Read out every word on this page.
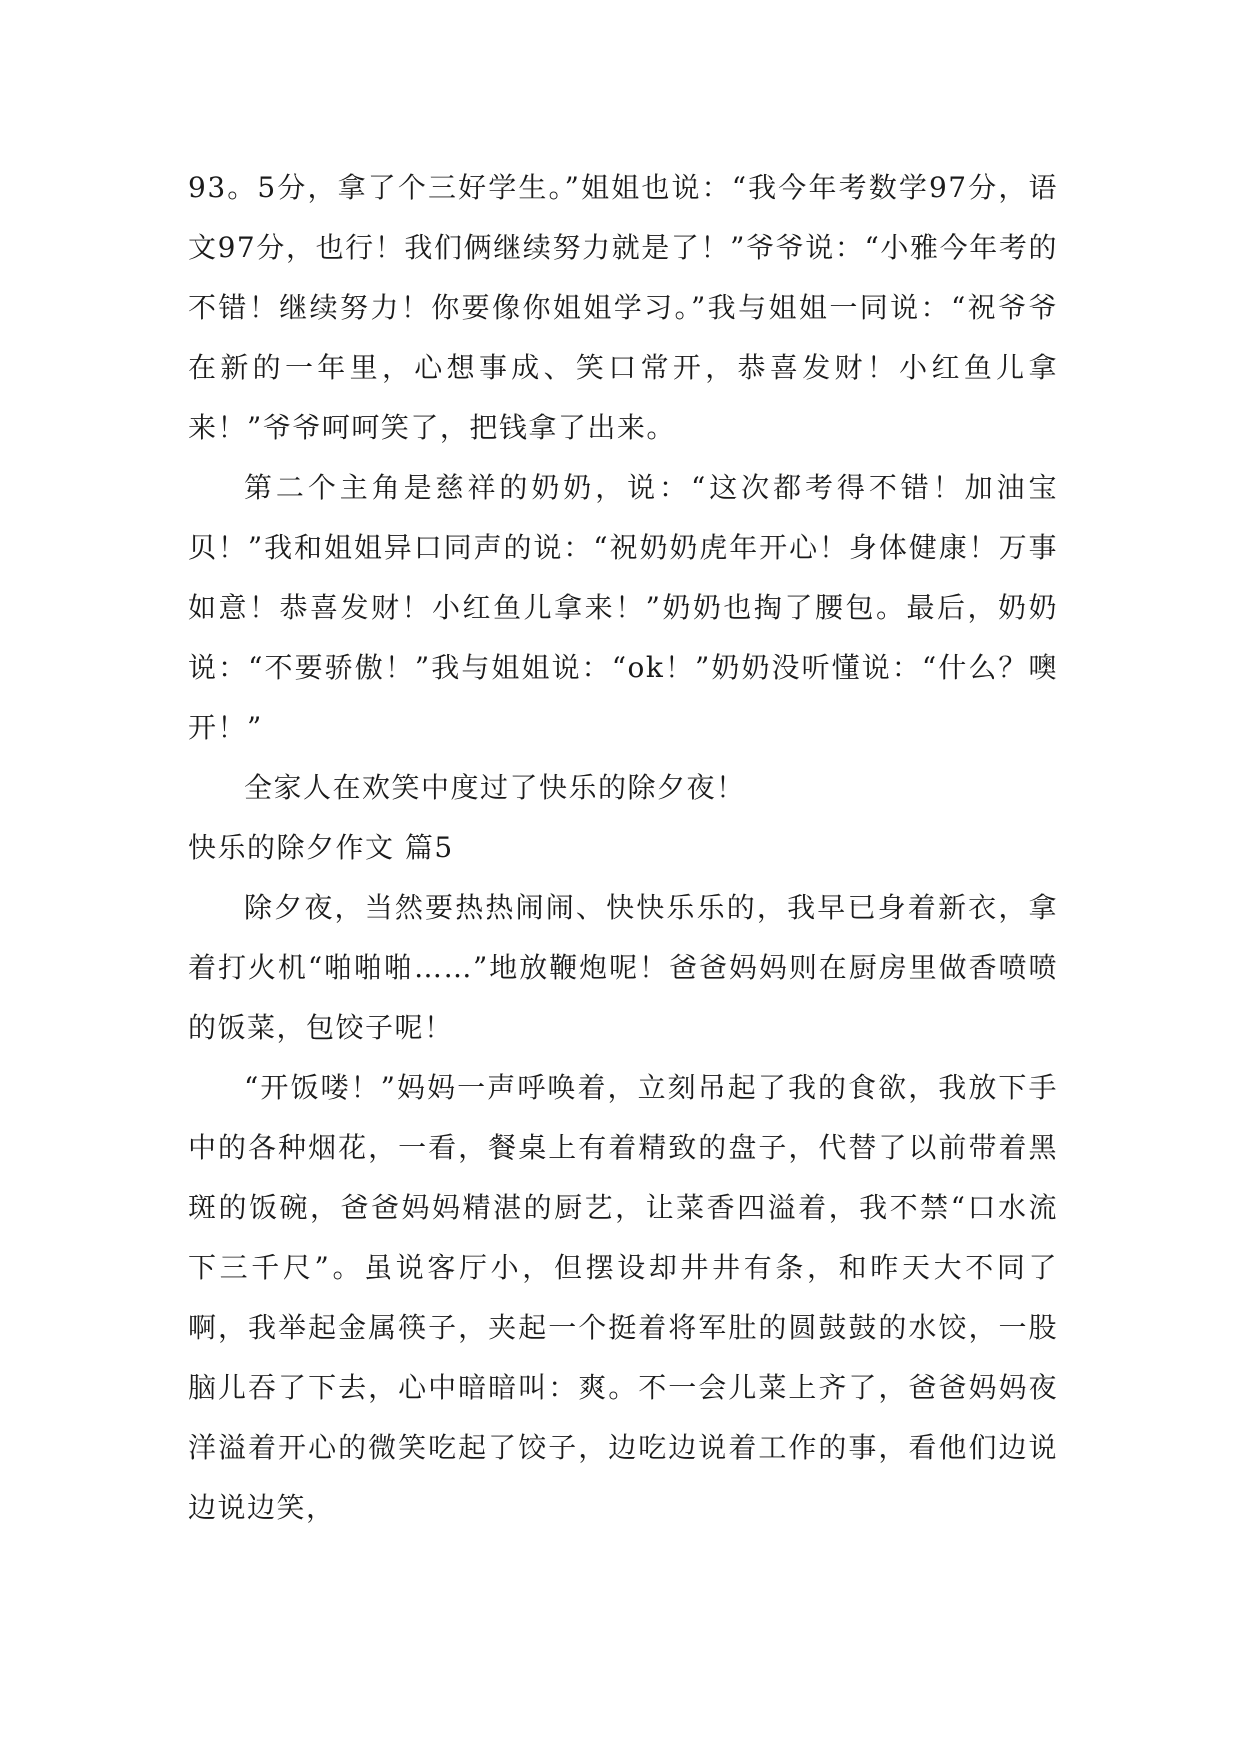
93。5分，拿了个三好学生。”姐姐也说：“我今年考数学97分，语文97分，也行！我们俩继续努力就是了！”爷爷说：“小雅今年考的不错！继续努力！你要像你姐姐学习。”我与姐姐一同说：“祝爷爷在新的一年里，心想事成、笑口常开，恭喜发财！小红鱼儿拿来！”爷爷呵呵笑了，把钱拿了出来。

第二个主角是慈祥的奶奶，说：“这次都考得不错！加油宝贝！”我和姐姐异口同声的说：“祝奶奶虎年开心！身体健康！万事如意！恭喜发财！小红鱼儿拿来！”奶奶也掏了腰包。最后，奶奶说：“不要骄傲！”我与姐姐说：“ok！”奶奶没听懂说：“什么？噢开！”

全家人在欢笑中度过了快乐的除夕夜！

快乐的除夕作文 篇5

除夕夜，当然要热热闹闹、快快乐乐的，我早已身着新衣，拿着打火机“啪啪啪……”地放鞭炮呢！爸爸妈妈则在厨房里做香喷喷的饭菜，包饺子呢！

“开饭喽！”妈妈一声呼唤着，立刻吊起了我的食欲，我放下手中的各种烟花，一看，餐桌上有着精致的盘子，代替了以前带着黑斑的饭碗，爸爸妈妈精湛的厨艺，让菜香四溢着，我不禁“口水流下三千尺”。虽说客厅小，但摆设却井井有条，和昨天大不同了啊，我举起金属筷子，夹起一个挺着将军肚的圆鼓鼓的水饺，一股脑儿吞了下去，心中暗暗叫：爽。不一会儿菜上齐了，爸爸妈妈夜洋溢着开心的微笑吃起了饺子，边吃边说着工作的事，看他们边说边说边笑，
